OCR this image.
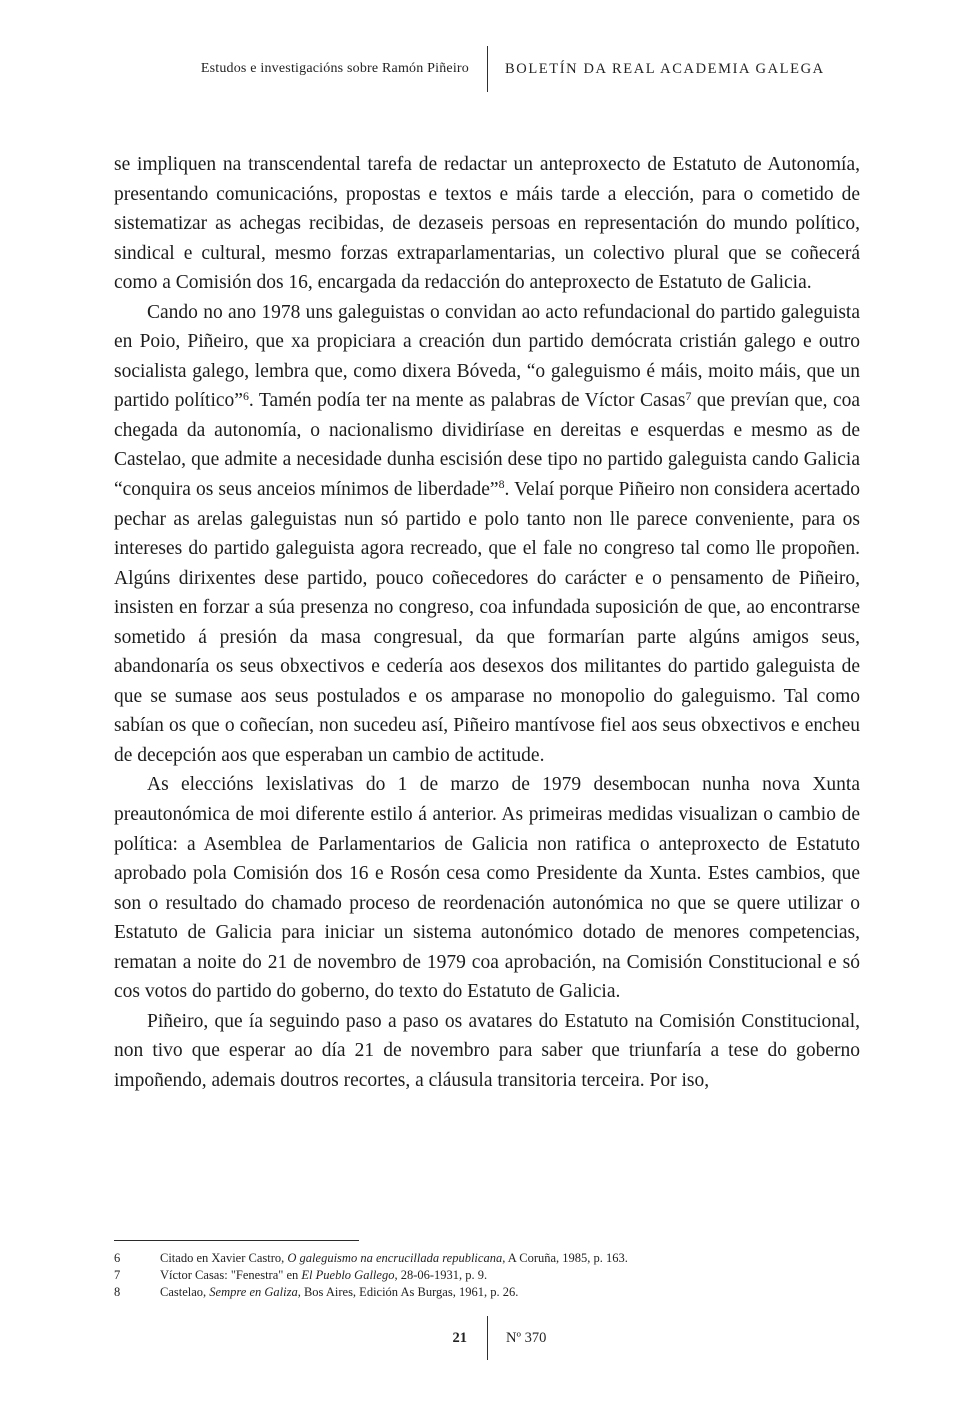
Estudos e investigacións sobre Ramón Piñeiro	BOLETÍN DA REAL ACADEMIA GALEGA

se impliquen na transcendental tarefa de redactar un anteproxecto de Estatuto de Autonomía, presentando comunicacións, propostas e textos e máis tarde a elección, para o cometido de sistematizar as achegas recibidas, de dezaseis persoas en representación do mundo político, sindical e cultural, mesmo forzas extraparlamentarias, un colectivo plural que se coñecerá como a Comisión dos 16, encargada da redacción do anteproxecto de Estatuto de Galicia.

Cando no ano 1978 uns galeguistas o convidan ao acto refundacional do partido galeguista en Poio, Piñeiro, que xa propiciara a creación dun partido demócrata cristián galego e outro socialista galego, lembra que, como dixera Bóveda, “o galeguismo é máis, moito máis, que un partido político”$^6$. Tamén podía ter na mente as palabras de Víctor Casas$^7$ que prevían que, coa chegada da autonomía, o nacionalismo dividiríase en dereitas e esquerdas e mesmo as de Castelao, que admite a necesidade dunha escisión dese tipo no partido galeguista cando Galicia “conquira os seus anceios mínimos de liberdade”$^8$. Velaí porque Piñeiro non considera acertado pechar as arelas galeguistas nun só partido e polo tanto non lle parece conveniente, para os intereses do partido galeguista agora recreado, que el fale no congreso tal como lle propoñen. Algúns dirixentes dese partido, pouco coñecedores do carácter e o pensamento de Piñeiro, insisten en forzar a súa presenza no congreso, coa infundada suposición de que, ao encontrarse sometido á presión da masa congresual, da que formarían parte algúns amigos seus, abandonaría os seus obxectivos e cedería aos desexos dos militantes do partido galeguista de que se sumase aos seus postulados e os amparase no monopolio do galeguismo. Tal como sabían os que o coñecían, non sucedeu así, Piñeiro mantívose fiel aos seus obxectivos e encheu de decepción aos que esperaban un cambio de actitude.

As eleccións lexislativas do 1 de marzo de 1979 desembocan nunha nova Xunta preautonómica de moi diferente estilo á anterior. As primeiras medidas visualizan o cambio de política: a Asemblea de Parlamentarios de Galicia non ratifica o anteproxecto de Estatuto aprobado pola Comisión dos 16 e Rosón cesa como Presidente da Xunta. Estes cambios, que son o resultado do chamado proceso de reordenación autonómica no que se quere utilizar o Estatuto de Galicia para iniciar un sistema autonómico dotado de menores competencias, rematan a noite do 21 de novembro de 1979 coa aprobación, na Comisión Constitucional e só cos votos do partido do goberno, do texto do Estatuto de Galicia.

Piñeiro, que ía seguindo paso a paso os avatares do Estatuto na Comisión Constitucional, non tivo que esperar ao día 21 de novembro para saber que triunfaría a tese do goberno impoñendo, ademais doutros recortes, a cláusula transitoria terceira. Por iso,

6	Citado en Xavier Castro, O galeguismo na encrucillada republicana, A Coruña, 1985, p. 163.
7	Víctor Casas: "Fenestra" en El Pueblo Gallego, 28-06-1931, p. 9.
8	Castelao, Sempre en Galiza, Bos Aires, Edición As Burgas, 1961, p. 26.
21	Nº 370
